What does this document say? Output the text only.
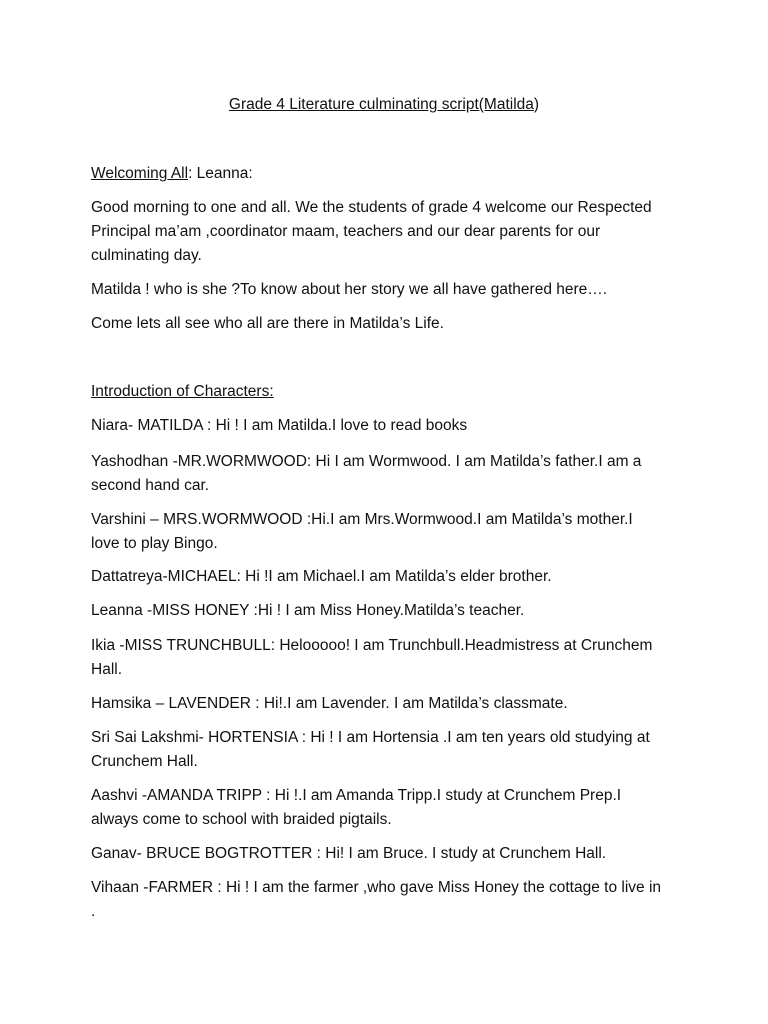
Grade 4 Literature culminating script(Matilda)
Welcoming All: Leanna:
Good morning to one and all. We the students of grade 4 welcome our Respected
Principal ma’am ,coordinator maam, teachers and our dear parents for our
culminating day.
Matilda ! who is she ?To know about her story we all have gathered here….
Come lets all see who all are there in Matilda’s Life.
Introduction of Characters:
Niara- MATILDA : Hi ! I am Matilda.I love to read books
Yashodhan -MR.WORMWOOD: Hi I am Wormwood. I am Matilda’s father.I am a
second hand car.
Varshini – MRS.WORMWOOD :Hi.I am Mrs.Wormwood.I am Matilda’s mother.I
love to play Bingo.
Dattatreya-MICHAEL: Hi !I am Michael.I am Matilda’s elder brother.
Leanna -MISS HONEY :Hi ! I am Miss Honey.Matilda’s teacher.
Ikia -MISS TRUNCHBULL: Helooooo! I am Trunchbull.Headmistress at Crunchem
Hall.
Hamsika – LAVENDER : Hi!.I am Lavender. I am Matilda’s classmate.
Sri Sai Lakshmi- HORTENSIA : Hi ! I am Hortensia .I am ten years old studying at
Crunchem Hall.
Aashvi -AMANDA TRIPP : Hi !.I am Amanda Tripp.I study at Crunchem Prep.I
always come to school with braided pigtails.
Ganav- BRUCE BOGTROTTER : Hi! I am Bruce. I study at Crunchem Hall.
Vihaan -FARMER : Hi ! I am the farmer ,who gave Miss Honey the cottage to live in
.
